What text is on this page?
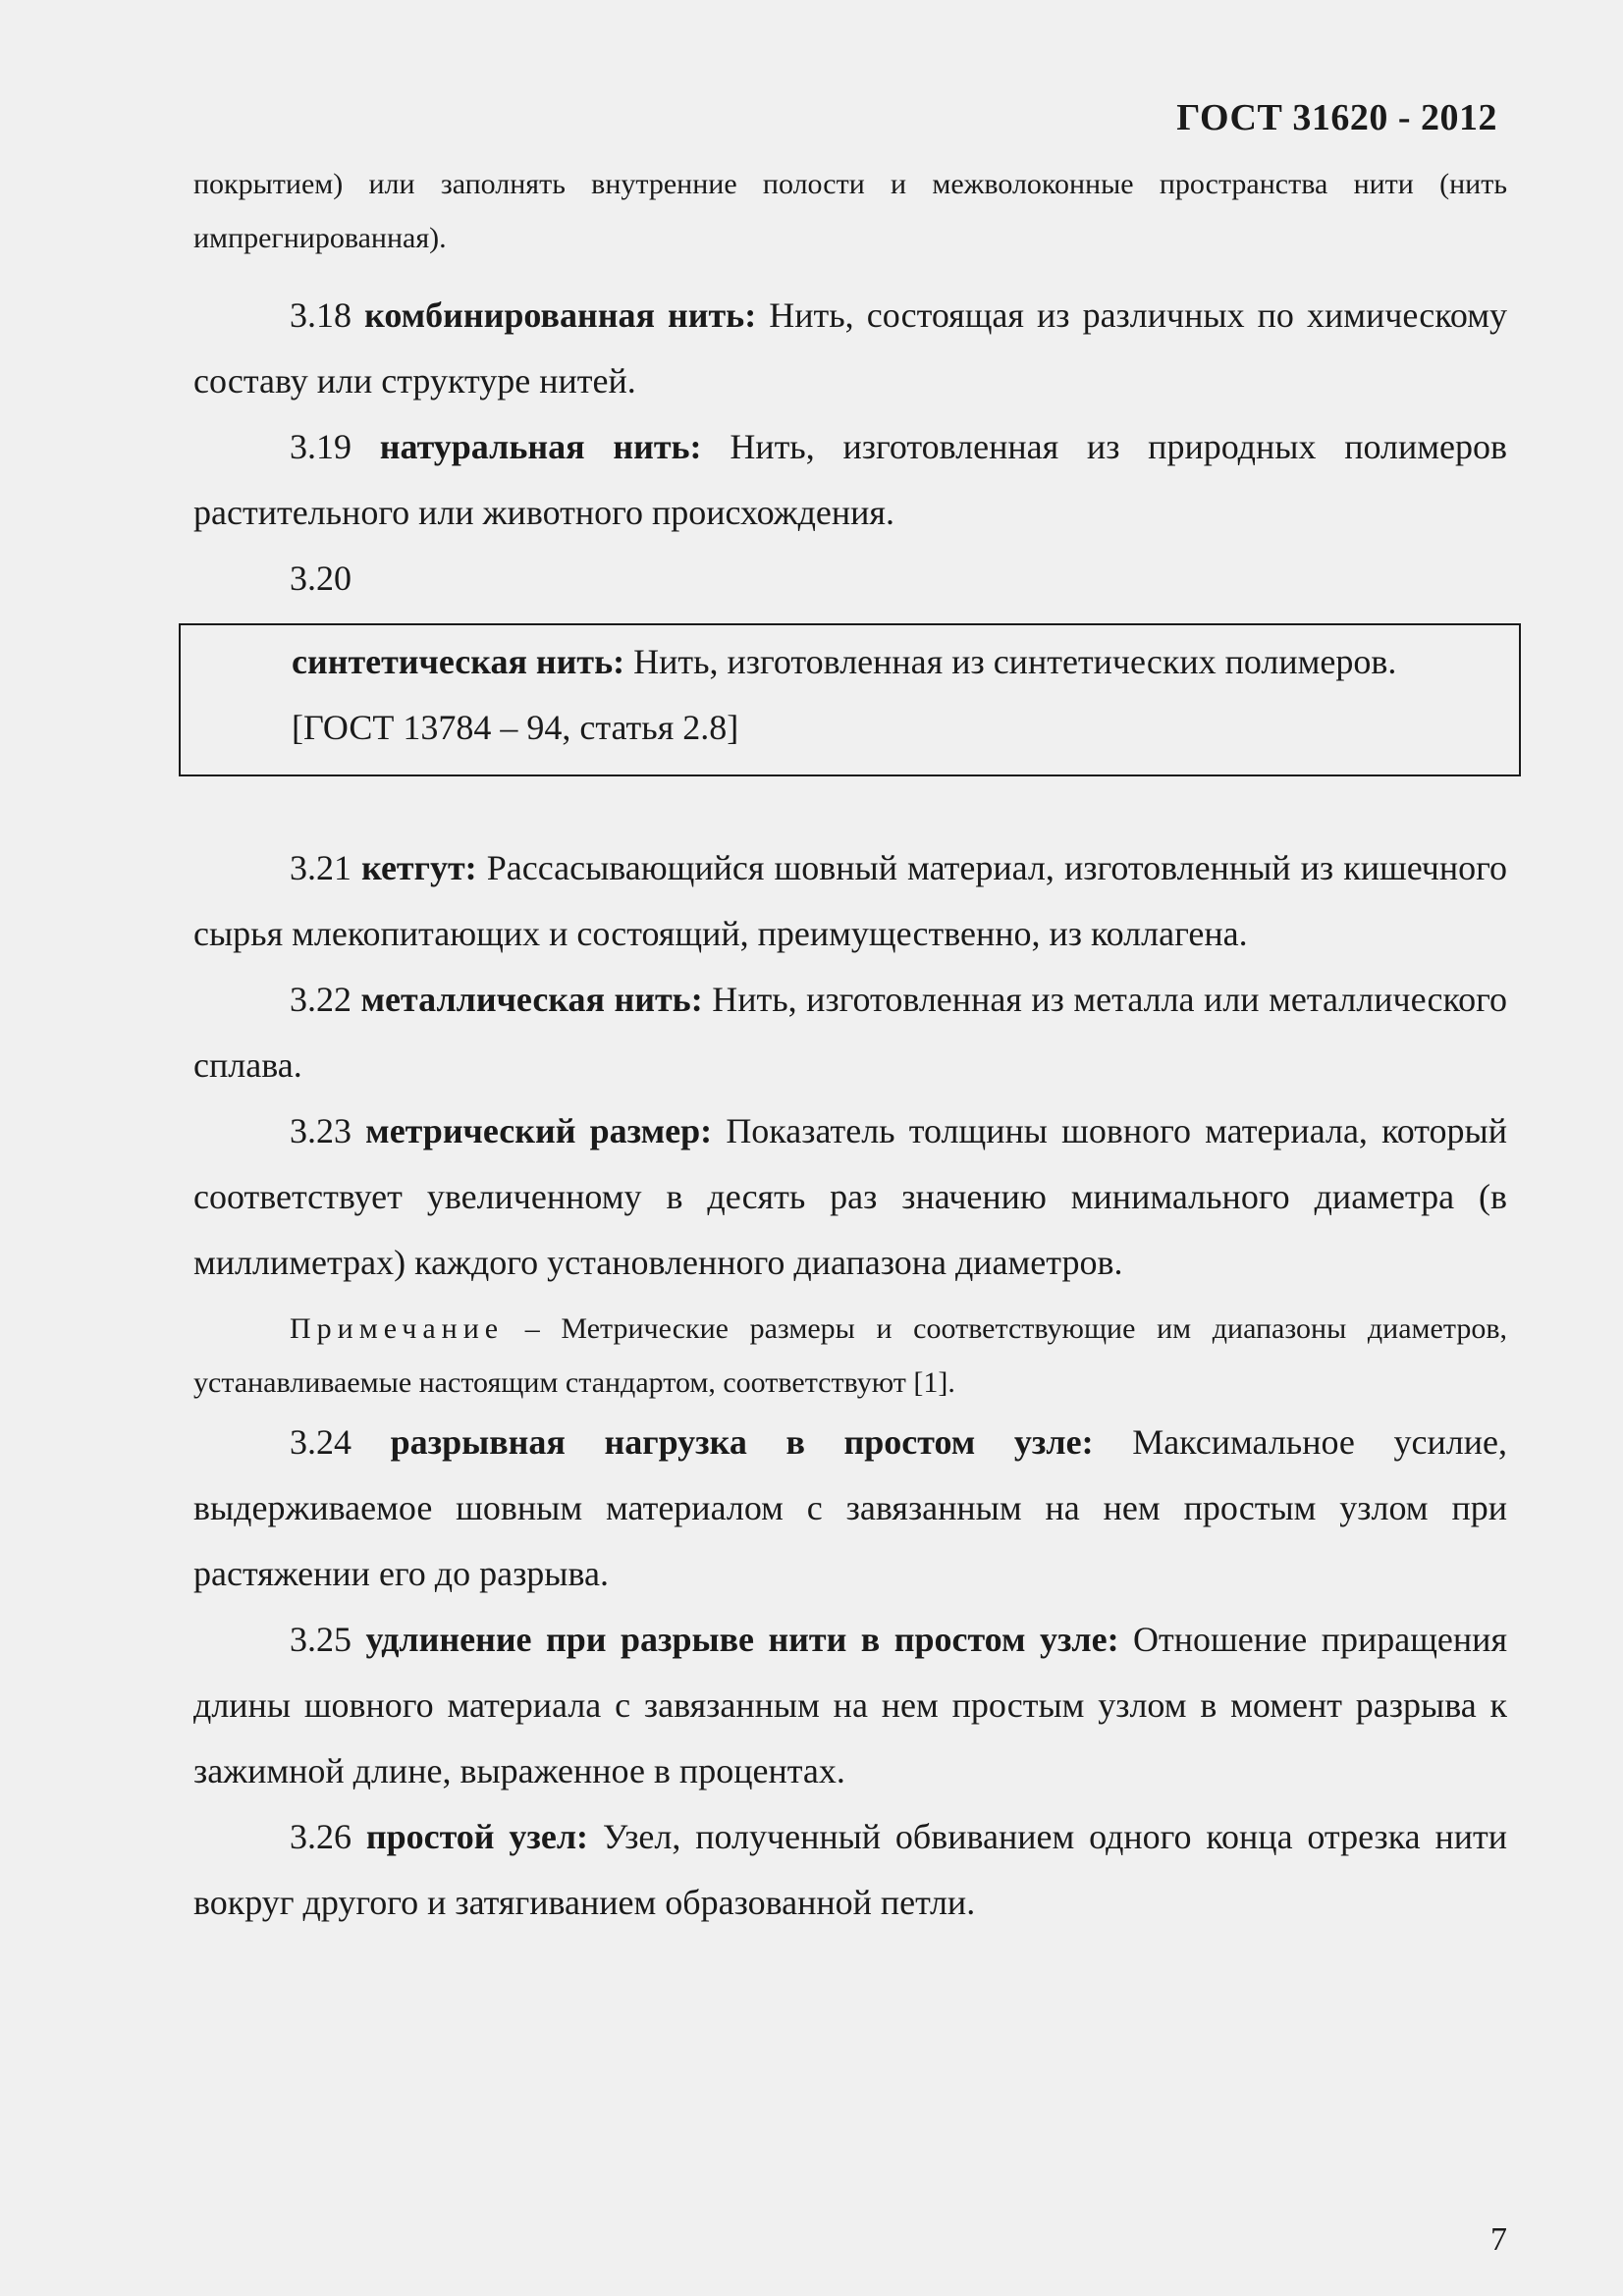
ГОСТ 31620 - 2012

покрытием) или заполнять внутренние полости и межволоконные пространства нити (нить импрегнированная).

3.18 комбинированная нить: Нить, состоящая из различных по химическому составу или структуре нитей.

3.19 натуральная нить: Нить, изготовленная из природных полимеров растительного или животного происхождения.

3.20

синтетическая нить: Нить, изготовленная из синтетических полимеров.

[ГОСТ 13784 – 94, статья 2.8]

3.21 кетгут: Рассасывающийся шовный материал, изготовленный из кишечного сырья млекопитающих и состоящий, преимущественно, из коллагена.

3.22 металлическая нить: Нить, изготовленная из металла или металлического сплава.

3.23 метрический размер: Показатель толщины шовного материала, который соответствует увеличенному в десять раз значению минимального диаметра (в миллиметрах) каждого установленного диапазона диаметров.

Примечание – Метрические размеры и соответствующие им диапазоны диаметров, устанавливаемые настоящим стандартом, соответствуют [1].

3.24 разрывная нагрузка в простом узле: Максимальное усилие, выдерживаемое шовным материалом с завязанным на нем простым узлом при растяжении его до разрыва.

3.25 удлинение при разрыве нити в простом узле: Отношение приращения длины шовного материала с завязанным на нем простым узлом в момент разрыва к зажимной длине, выраженное в процентах.

3.26 простой узел: Узел, полученный обвиванием одного конца отрезка нити вокруг другого и затягиванием образованной петли.

7
